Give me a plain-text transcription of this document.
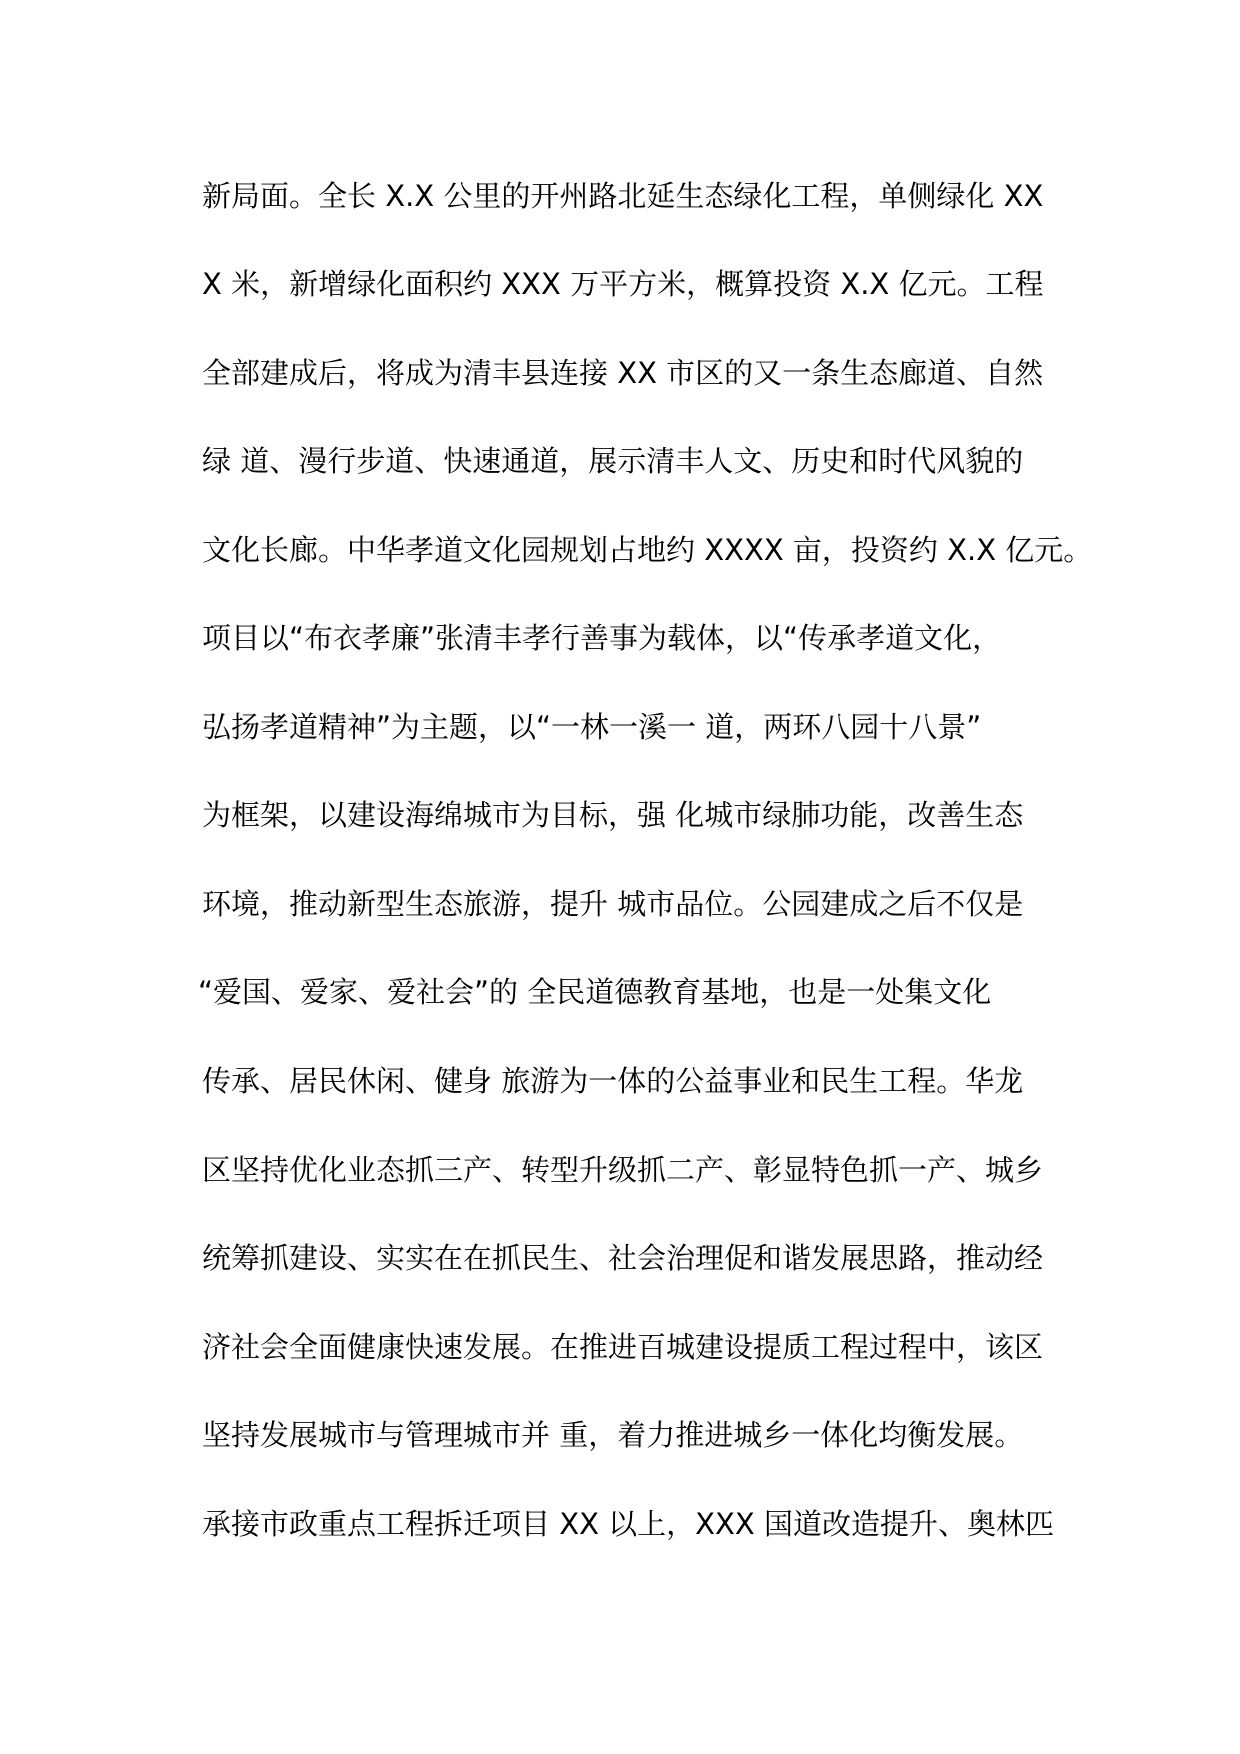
新局面。全长 X.X 公里的开州路北延生态绿化工程，单侧绿化 XX
X 米，新增绿化面积约 XXX 万平方米，概算投资 X.X 亿元。工程
全部建成后，将成为清丰县连接 XX 市区的又一条生态廊道、自然
绿 道、漫行步道、快速通道，展示清丰人文、历史和时代风貌的
文化长廊。中华孝道文化园规划占地约 XXXX 亩，投资约 X.X 亿元。
项目以“布衣孝廉”张清丰孝行善事为载体，以“传承孝道文化，
弘扬孝道精神”为主题，以“一林一溪一 道，两环八园十八景”
为框架，以建设海绵城市为目标，强 化城市绿肺功能，改善生态
环境，推动新型生态旅游，提升 城市品位。公园建成之后不仅是
“爱国、爱家、爱社会”的 全民道德教育基地，也是一处集文化
传承、居民休闲、健身 旅游为一体的公益事业和民生工程。华龙
区坚持优化业态抓三产、转型升级抓二产、彰显特色抓一产、城乡
统筹抓建设、实实在在抓民生、社会治理促和谐发展思路，推动经
济社会全面健康快速发展。在推进百城建设提质工程过程中，该区
坚持发展城市与管理城市并 重，着力推进城乡一体化均衡发展。
承接市政重点工程拆迁项目 XX 以上，XXX 国道改造提升、奥林匹
